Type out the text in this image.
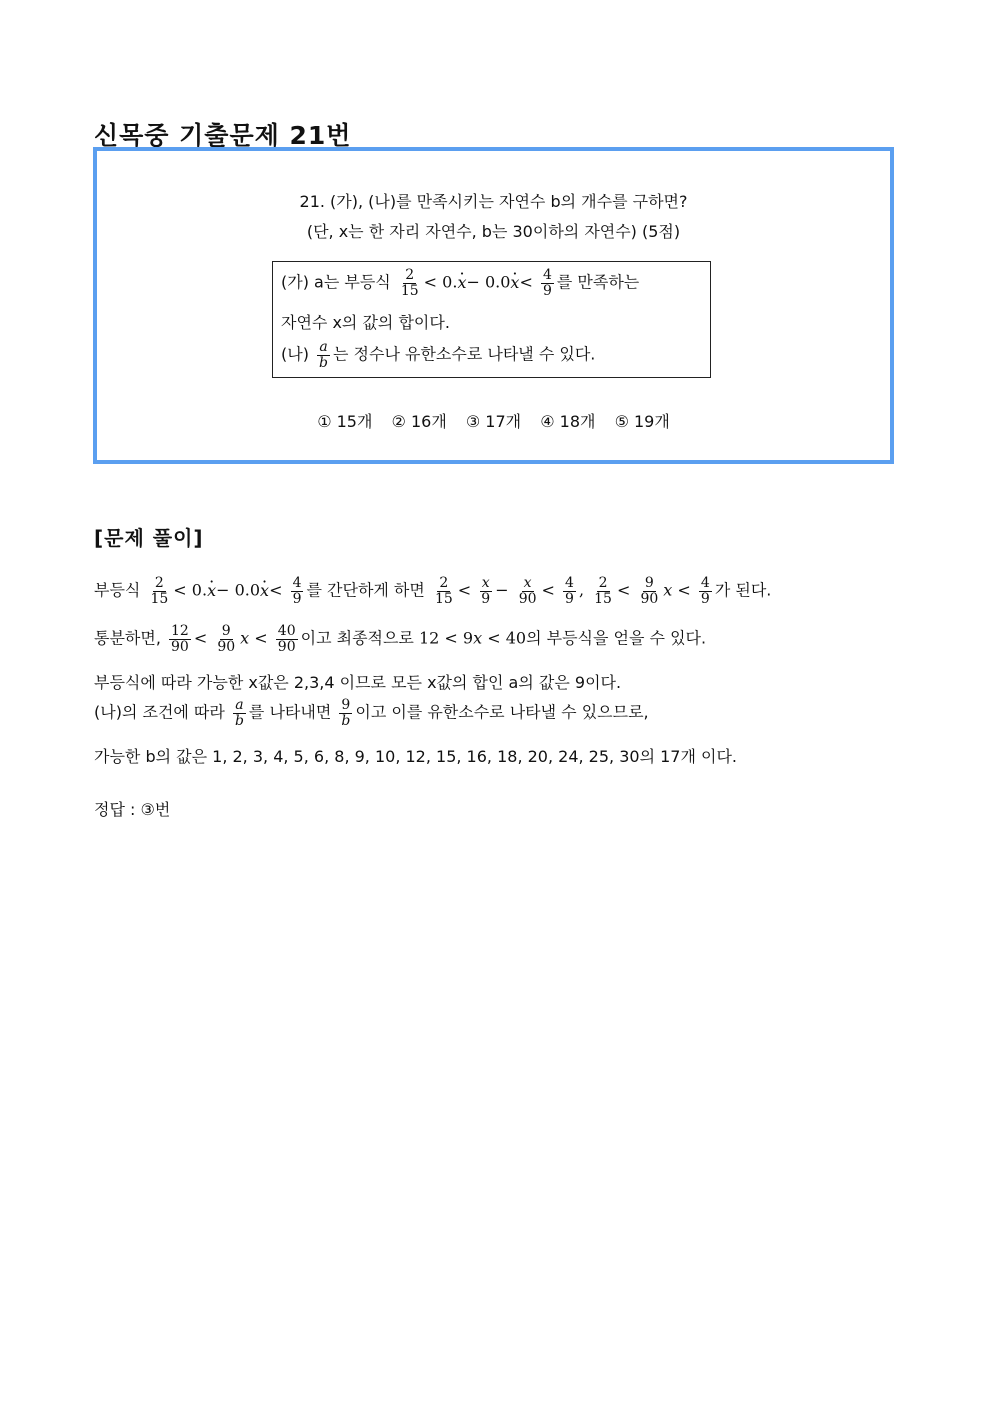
신목중 기출문제 21번
21. (가), (나)를 만족시키는 자연수 b의 개수를 구하면?
(단, x는 한 자리 자연수, b는 30이하의 자연수) (5점)
① 15개 ② 16개 ③ 17개 ④ 18개 ⑤ 19개
(가) a는 부등식 $\frac{2}{15} < 0.x \cdot- 0.0x \cdot< \frac{4}{9}$ 를 만족하는
자연수 x의 값의 합이다.
(나) $\frac{a}{b}$ 는 정수나 유한소수로 나타낼 수 있다.
[문제 풀이]
부등식 $\frac{2}{15} < 0.x \cdot- 0.0x \cdot< \frac{4}{9}$ 를 간단하게 하면 $\frac{2}{15} < \frac{x}{9} - \frac{x}{90} < \frac{4}{9}$ , $\frac{2}{15} < \frac{9}{90}$ $x < \frac{4}{9}$ 가 된다.
통분하면, $\frac{12}{90} < \frac{9}{90}$ $x < \frac{40}{90}$ 이고 최종적으로 12 < 9x < 40의 부등식을 얻을 수 있다.
부등식에 따라 가능한 x값은 2,3,4 이므로 모든 x값의 합인 a의 값은 9이다.
(나)의 조건에 따라 $\frac{a}{b}$ 를 나타내면 $\frac{9}{b}$ 이고 이를 유한소수로 나타낼 수 있으므로,
가능한 b의 값은 1, 2, 3, 4, 5, 6, 8, 9, 10, 12, 15, 16, 18, 20, 24, 25, 30의 17개 이다.
정답 : ③번
